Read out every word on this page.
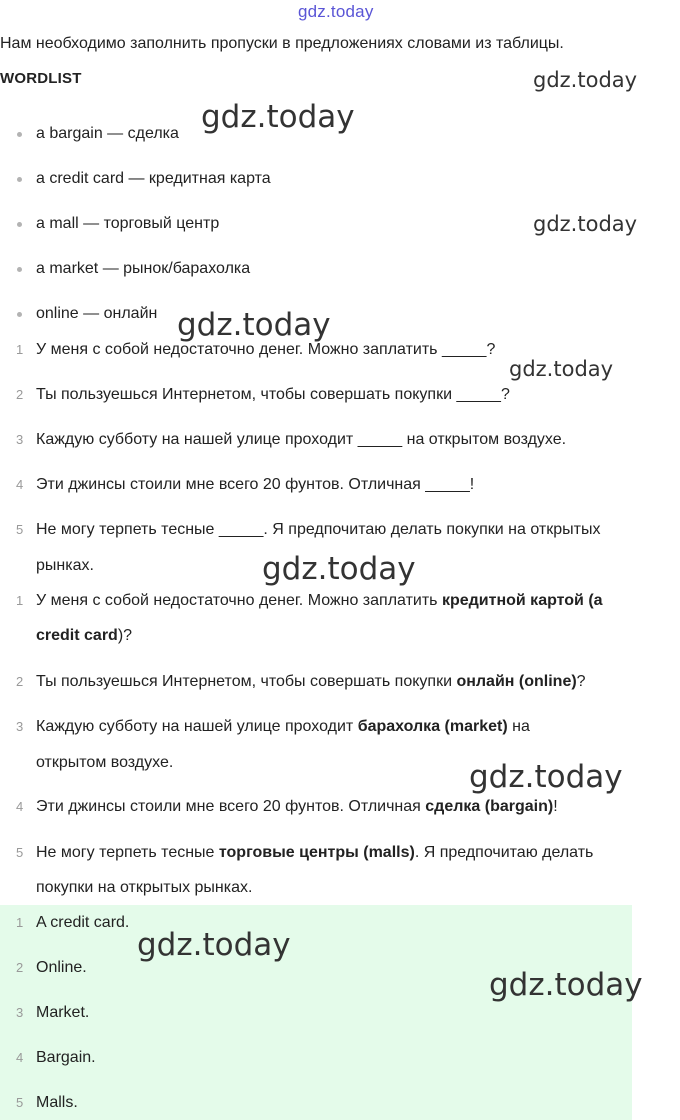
gdz.today
Нам необходимо заполнить пропуски в предложениях словами из таблицы.
WORDLIST
a bargain — сделка
a credit card — кредитная карта
a mall — торговый центр
a market — рынок/барахолка
online — онлайн
1 У меня с собой недостаточно денег. Можно заплатить _____?
2 Ты пользуешься Интернетом, чтобы совершать покупки _____?
3 Каждую субботу на нашей улице проходит _____ на открытом воздухе.
4 Эти джинсы стоили мне всего 20 фунтов. Отличная _____!
5 Не могу терпеть тесные _____. Я предпочитаю делать покупки на открытых
рынках.
1 У меня с собой недостаточно денег. Можно заплатить кредитной картой (a
credit card)?
2 Ты пользуешься Интернетом, чтобы совершать покупки онлайн (online)?
3 Каждую субботу на нашей улице проходит барахолка (market) на
открытом воздухе.
4 Эти джинсы стоили мне всего 20 фунтов. Отличная сделка (bargain)!
5 Не могу терпеть тесные торговые центры (malls). Я предпочитаю делать
покупки на открытых рынках.
1 A credit card.
2 Online.
3 Market.
4 Bargain.
5 Malls.
gdz.today
gdz.today
gdz.today
gdz.today
gdz.today
gdz.today
gdz.today
gdz.today
gdz.today
